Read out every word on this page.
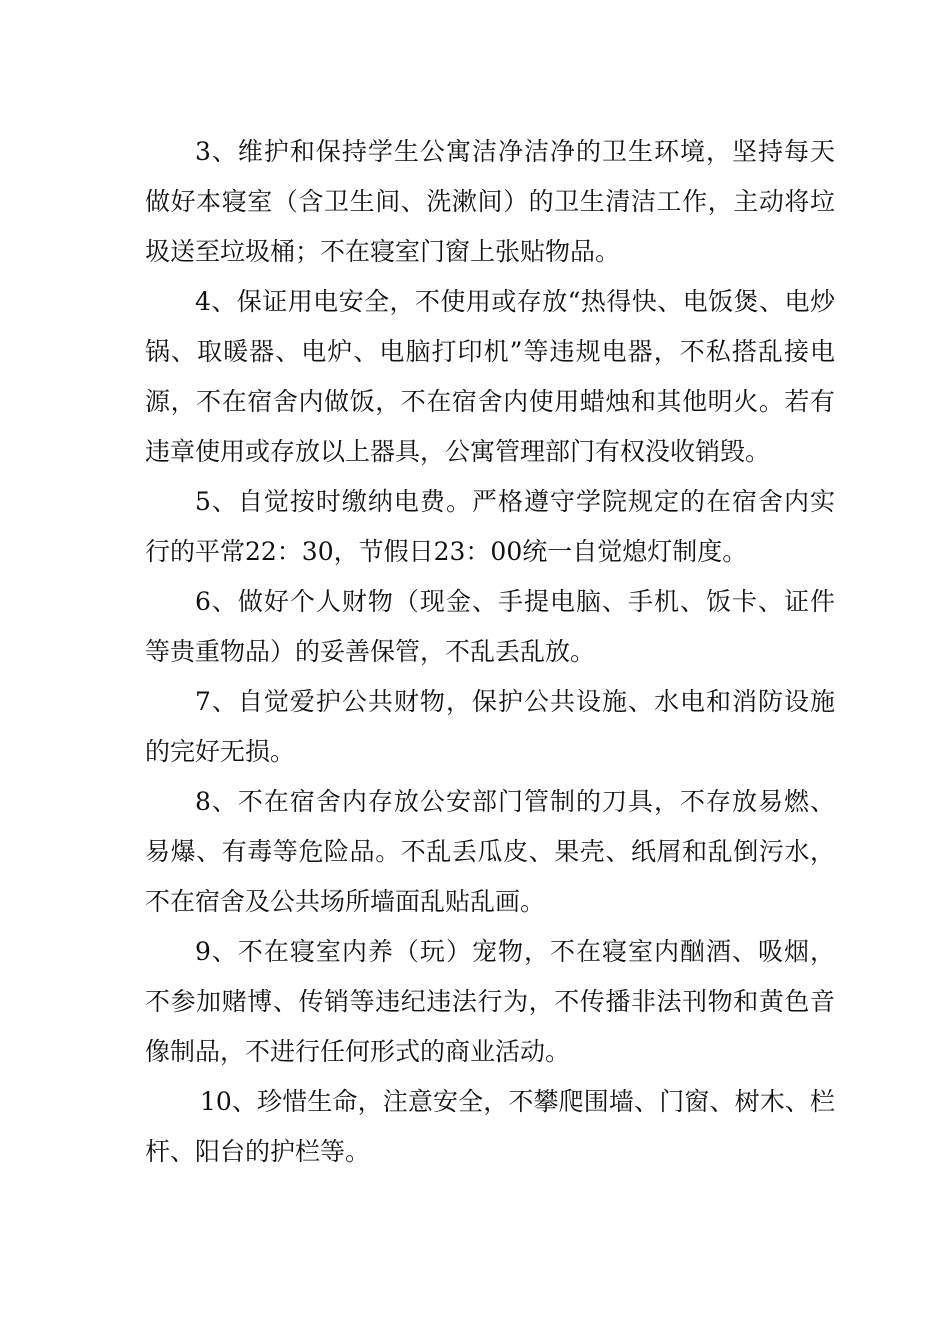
3、维护和保持学生公寓洁净洁净的卫生环境，坚持每天做好本寝室（含卫生间、洗漱间）的卫生清洁工作，主动将垃圾送至垃圾桶；不在寝室门窗上张贴物品。

4、保证用电安全，不使用或存放“热得快、电饭煲、电炒锅、取暖器、电炉、电脑打印机”等违规电器，不私搭乱接电源，不在宿舍内做饭，不在宿舍内使用蜡烛和其他明火。若有违章使用或存放以上器具，公寓管理部门有权没收销毁。

5、自觉按时缴纳电费。严格遵守学院规定的在宿舍内实行的平常22：30，节假日23：00统一自觉熄灯制度。

6、做好个人财物（现金、手提电脑、手机、饭卡、证件等贵重物品）的妥善保管，不乱丢乱放。

7、自觉爱护公共财物，保护公共设施、水电和消防设施的完好无损。

8、不在宿舍内存放公安部门管制的刀具，不存放易燃、易爆、有毒等危险品。不乱丢瓜皮、果壳、纸屑和乱倒污水，不在宿舍及公共场所墙面乱贴乱画。

9、不在寝室内养（玩）宠物，不在寝室内酗酒、吸烟，不参加赌博、传销等违纪违法行为，不传播非法刊物和黄色音像制品，不进行任何形式的商业活动。

10、珍惜生命，注意安全，不攀爬围墙、门窗、树木、栏杆、阳台的护栏等。
